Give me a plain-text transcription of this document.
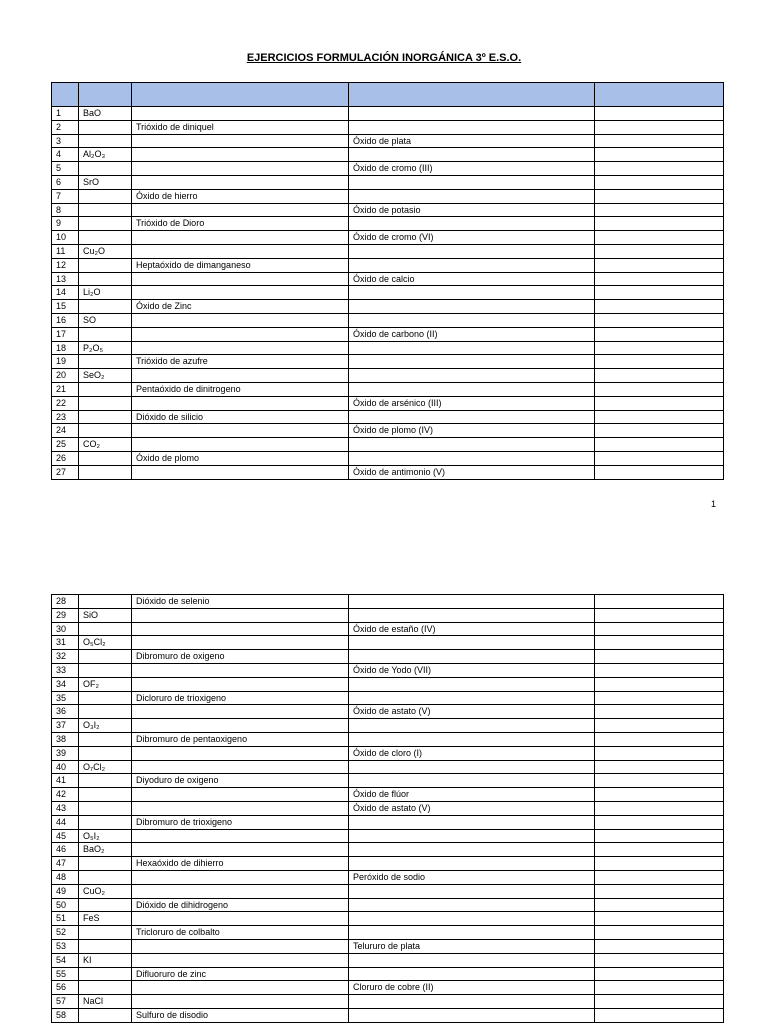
EJERCICIOS FORMULACIÓN INORGÁNICA 3º E.S.O.

1	BaO			
2		Trióxido de diniquel		
3			Óxido de plata	
4	Al₂O₃			
5			Óxido de cromo (III)	
6	SrO			
7		Óxido de hierro		
8			Óxido de potasio	
9		Trióxido de Dioro		
10			Óxido de cromo (VI)	
11	Cu₂O			
12		Heptaóxido de dimanganeso		
13			Óxido de calcio	
14	Li₂O			
15		Óxido de Zinc		
16	SO			
17			Óxido de carbono (II)	
18	P₂O₅			
19		Trióxido de azufre		
20	SeO₂			
21		Pentaóxido de dinitrogeno		
22			Óxido de arsénico (III)	
23		Dióxido de silicio		
24			Óxido de plomo (IV)	
25	CO₂			
26		Óxido de plomo		
27			Óxido de antimonio (V)	
1
28		Dióxido de selenio		
29	SiO			
30			Óxido de estaño (IV)	
31	O₅Cl₂			
32		Dibromuro de oxigeno		
33			Óxido de Yodo (VII)	
34	OF₂			
35		Dicloruro de trioxigeno		
36			Óxido de astato (V)	
37	O₃I₂			
38		Dibromuro de pentaoxigeno		
39			Óxido de cloro (I)	
40	O₇Cl₂			
41		Diyoduro de oxigeno		
42			Óxido de flúor	
43			Óxido de astato (V)	
44		Dibromuro de trioxigeno		
45	O₅I₂			
46	BaO₂			
47		Hexaóxido de dihierro		
48			Peróxido de sodio	
49	CuO₂			
50		Dióxido de dihidrogeno		
51	FeS			
52		Tricloruro de colbalto		
53			Telururo de plata	
54	KI			
55		Difluoruro de zinc		
56			Cloruro de cobre (II)	
57	NaCl			
58		Sulfuro de disodio		
